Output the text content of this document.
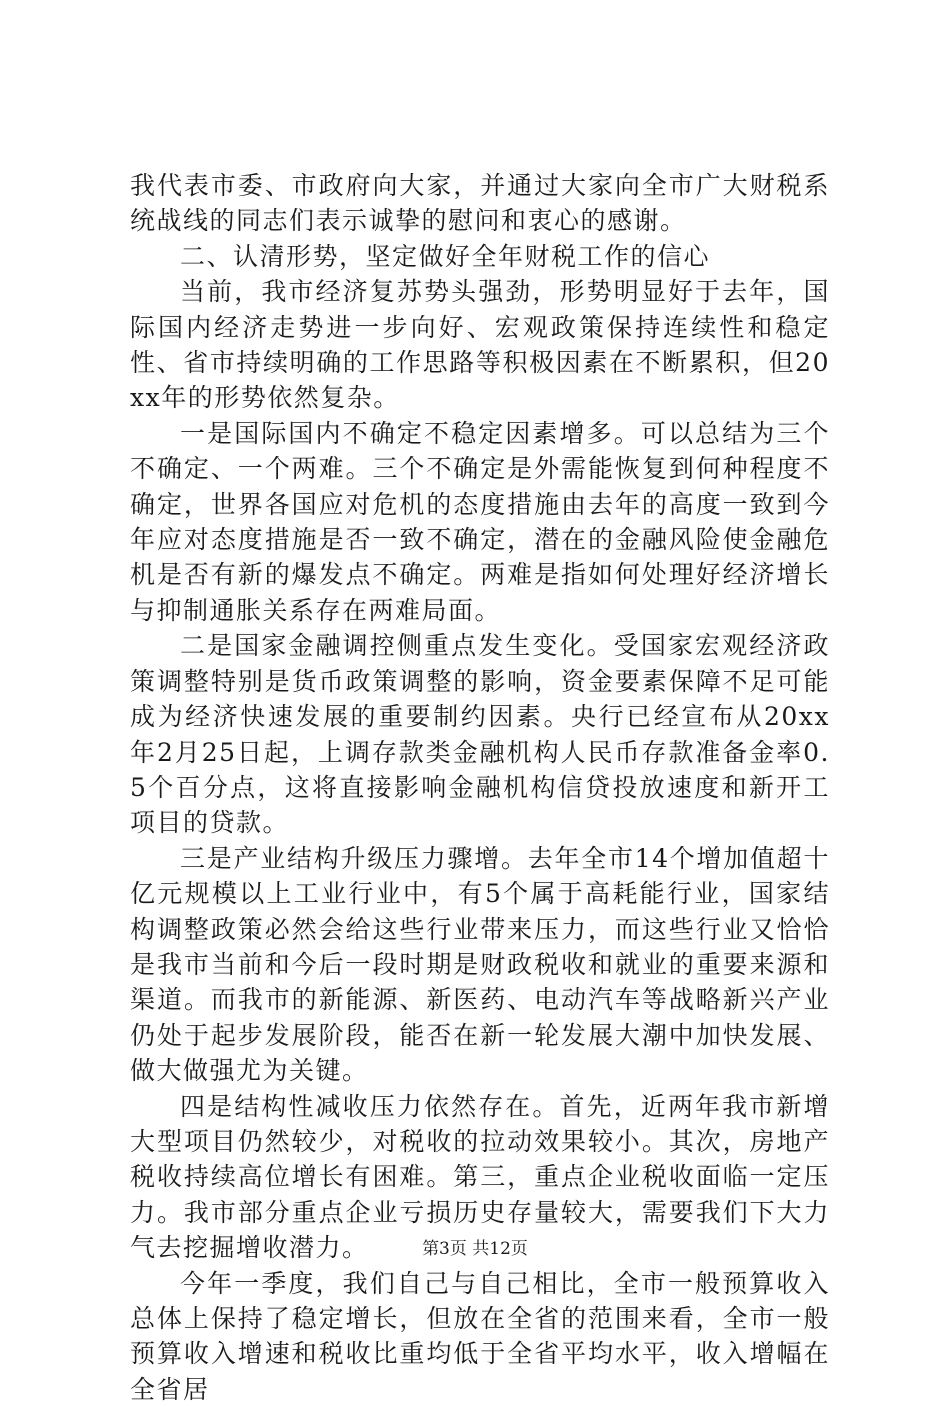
我代表市委、市政府向大家，并通过大家向全市广大财税系统战线的同志们表示诚挚的慰问和衷心的感谢。

二、认清形势，坚定做好全年财税工作的信心

当前，我市经济复苏势头强劲，形势明显好于去年，国际国内经济走势进一步向好、宏观政策保持连续性和稳定性、省市持续明确的工作思路等积极因素在不断累积，但20xx年的形势依然复杂。

一是国际国内不确定不稳定因素增多。可以总结为三个不确定、一个两难。三个不确定是外需能恢复到何种程度不确定，世界各国应对危机的态度措施由去年的高度一致到今年应对态度措施是否一致不确定，潜在的金融风险使金融危机是否有新的爆发点不确定。两难是指如何处理好经济增长与抑制通胀关系存在两难局面。

二是国家金融调控侧重点发生变化。受国家宏观经济政策调整特别是货币政策调整的影响，资金要素保障不足可能成为经济快速发展的重要制约因素。央行已经宣布从20xx年2月25日起，上调存款类金融机构人民币存款准备金率0.5个百分点，这将直接影响金融机构信贷投放速度和新开工项目的贷款。

三是产业结构升级压力骤增。去年全市14个增加值超十亿元规模以上工业行业中，有5个属于高耗能行业，国家结构调整政策必然会给这些行业带来压力，而这些行业又恰恰是我市当前和今后一段时期是财政税收和就业的重要来源和渠道。而我市的新能源、新医药、电动汽车等战略新兴产业仍处于起步发展阶段，能否在新一轮发展大潮中加快发展、做大做强尤为关键。

四是结构性减收压力依然存在。首先，近两年我市新增大型项目仍然较少，对税收的拉动效果较小。其次，房地产税收持续高位增长有困难。第三，重点企业税收面临一定压力。我市部分重点企业亏损历史存量较大，需要我们下大力气去挖掘增收潜力。

今年一季度，我们自己与自己相比，全市一般预算收入总体上保持了稳定增长，但放在全省的范围来看，全市一般预算收入增速和税收比重均低于全省平均水平，收入增幅在全省居

第3页 共12页
